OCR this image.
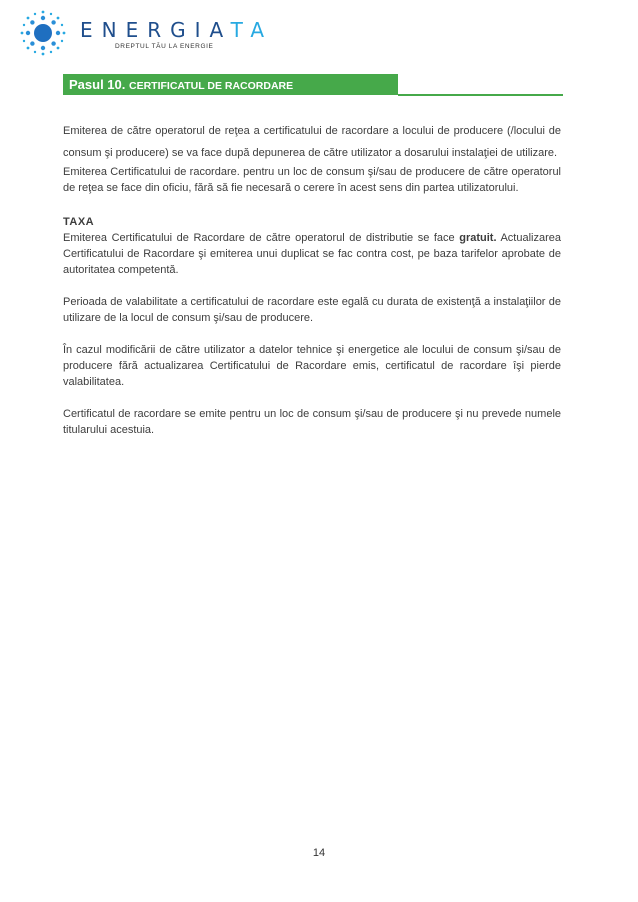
ENERGIATA
DREPTUL TĂU LA ENERGIE
Pasul 10. CERTIFICATUL DE RACORDARE

Emiterea de către operatorul de reţea a certificatului de racordare a locului de producere (/locului de consum şi producere) se va face după depunerea de către utilizator a dosarului instalaţiei de utilizare.

Emiterea Certificatului de racordare. pentru un loc de consum şi/sau de producere de către operatorul de reţea se face din oficiu, fără să fie necesară o cerere în acest sens din partea utilizatorului.

TAXA

Emiterea Certificatului de Racordare de către operatorul de distributie se face gratuit. Actualizarea Certificatului de Racordare şi emiterea unui duplicat se fac contra cost, pe baza tarifelor aprobate de autoritatea competentă.

Perioada de valabilitate a certificatului de racordare este egală cu durata de existenţă a instalaţiilor de utilizare de la locul de consum şi/sau de producere.

În cazul modificării de către utilizator a datelor tehnice şi energetice ale locului de consum şi/sau de producere fără actualizarea Certificatului de Racordare emis, certificatul de racordare îşi pierde valabilitatea.

Certificatul de racordare se emite pentru un loc de consum şi/sau de producere şi nu prevede numele titularului acestuia.

14
